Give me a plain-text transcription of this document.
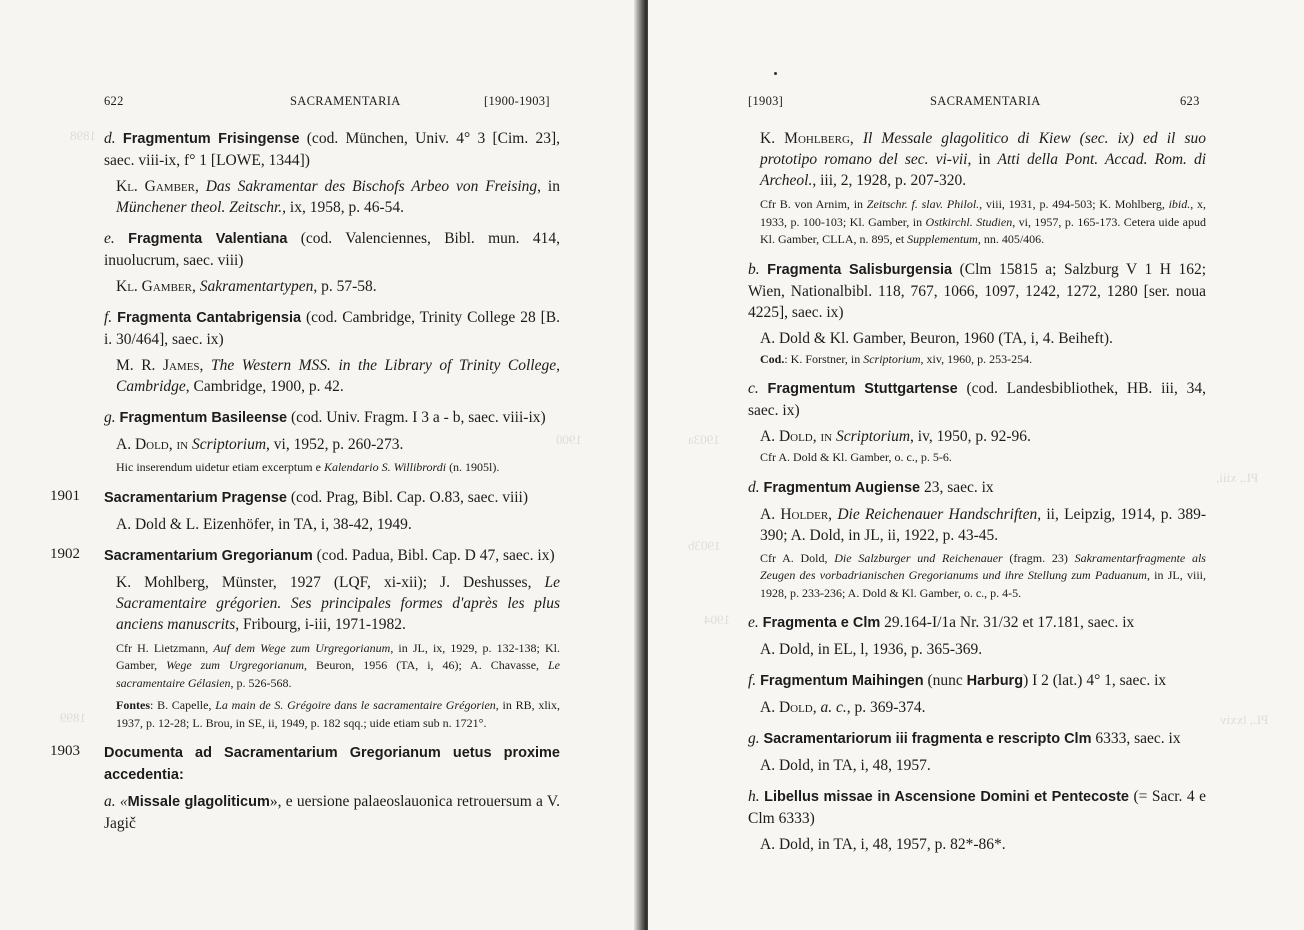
1898
1900
1899
622	SACRAMENTARIA	[1900-1903]

d. Fragmentum Frisingense (cod. München, Univ. 4° 3 [Cim. 23], saec. viii-ix, f° 1 [LOWE, 1344])

Kl. Gamber, Das Sakramentar des Bischofs Arbeo von Freising, in Münchener theol. Zeitschr., ix, 1958, p. 46-54.

e. Fragmenta Valentiana (cod. Valenciennes, Bibl. mun. 414, inuolucrum, saec. viii)

Kl. Gamber, Sakramentartypen, p. 57-58.

f. Fragmenta Cantabrigensia (cod. Cambridge, Trinity College 28 [B. i. 30/464], saec. ix)

M. R. James, The Western MSS. in the Library of Trinity College, Cambridge, Cambridge, 1900, p. 42.

g. Fragmentum Basileense (cod. Univ. Fragm. I 3 a - b, saec. viii-ix)

A. Dold, in Scriptorium, vi, 1952, p. 260-273.

Hic inserendum uidetur etiam excerptum e Kalendario S. Willibrordi (n. 1905l).

1901 Sacramentarium Pragense (cod. Prag, Bibl. Cap. O.83, saec. viii)

A. Dold & L. Eizenhöfer, in TA, i, 38-42, 1949.

1902 Sacramentarium Gregorianum (cod. Padua, Bibl. Cap. D 47, saec. ix)

K. Mohlberg, Münster, 1927 (LQF, xi-xii); J. Deshusses, Le Sacramentaire grégorien. Ses principales formes d'après les plus anciens manuscrits, Fribourg, i-iii, 1971-1982.

Cfr H. Lietzmann, Auf dem Wege zum Urgregorianum, in JL, ix, 1929, p. 132-138; Kl. Gamber, Wege zum Urgregorianum, Beuron, 1956 (TA, i, 46); A. Chavasse, Le sacramentaire Gélasien, p. 526-568.

Fontes: B. Capelle, La main de S. Grégoire dans le sacramentaire Grégorien, in RB, xlix, 1937, p. 12-28; L. Brou, in SE, ii, 1949, p. 182 sqq.; uide etiam sub n. 1721°.

1903 Documenta ad Sacramentarium Gregorianum uetus proxime accedentia:

a. «Missale glagoliticum», e uersione palaeoslauonica retrouersum a V. Jagič

1903a
PL, xiii,
1903b
1904
PL, lxxiv
[1903]	SACRAMENTARIA	623

K. Mohlberg, Il Messale glagolitico di Kiew (sec. ix) ed il suo prototipo romano del sec. vi-vii, in Atti della Pont. Accad. Rom. di Archeol., iii, 2, 1928, p. 207-320.

Cfr B. von Arnim, in Zeitschr. f. slav. Philol., viii, 1931, p. 494-503; K. Mohlberg, ibid., x, 1933, p. 100-103; Kl. Gamber, in Ostkirchl. Studien, vi, 1957, p. 165-173. Cetera uide apud Kl. Gamber, CLLA, n. 895, et Supplementum, nn. 405/406.

b. Fragmenta Salisburgensia (Clm 15815 a; Salzburg V 1 H 162; Wien, Nationalbibl. 118, 767, 1066, 1097, 1242, 1272, 1280 [ser. noua 4225], saec. ix)

A. Dold & Kl. Gamber, Beuron, 1960 (TA, i, 4. Beiheft).

Cod.: K. Forstner, in Scriptorium, xiv, 1960, p. 253-254.

c. Fragmentum Stuttgartense (cod. Landesbibliothek, HB. iii, 34, saec. ix)

A. Dold, in Scriptorium, iv, 1950, p. 92-96.

Cfr A. Dold & Kl. Gamber, o. c., p. 5-6.

d. Fragmentum Augiense 23, saec. ix

A. Holder, Die Reichenauer Handschriften, ii, Leipzig, 1914, p. 389-390; A. Dold, in JL, ii, 1922, p. 43-45.

Cfr A. Dold, Die Salzburger und Reichenauer (fragm. 23) Sakramentarfragmente als Zeugen des vorbadrianischen Gregorianums und ihre Stellung zum Paduanum, in JL, viii, 1928, p. 233-236; A. Dold & Kl. Gamber, o. c., p. 4-5.

e. Fragmenta e Clm 29.164-I/1a Nr. 31/32 et 17.181, saec. ix

A. Dold, in EL, l, 1936, p. 365-369.

f. Fragmentum Maihingen (nunc Harburg) I 2 (lat.) 4° 1, saec. ix

A. Dold, a. c., p. 369-374.

g. Sacramentariorum iii fragmenta e rescripto Clm 6333, saec. ix

A. Dold, in TA, i, 48, 1957.

h. Libellus missae in Ascensione Domini et Pentecoste (= Sacr. 4 e Clm 6333)

A. Dold, in TA, i, 48, 1957, p. 82*-86*.
